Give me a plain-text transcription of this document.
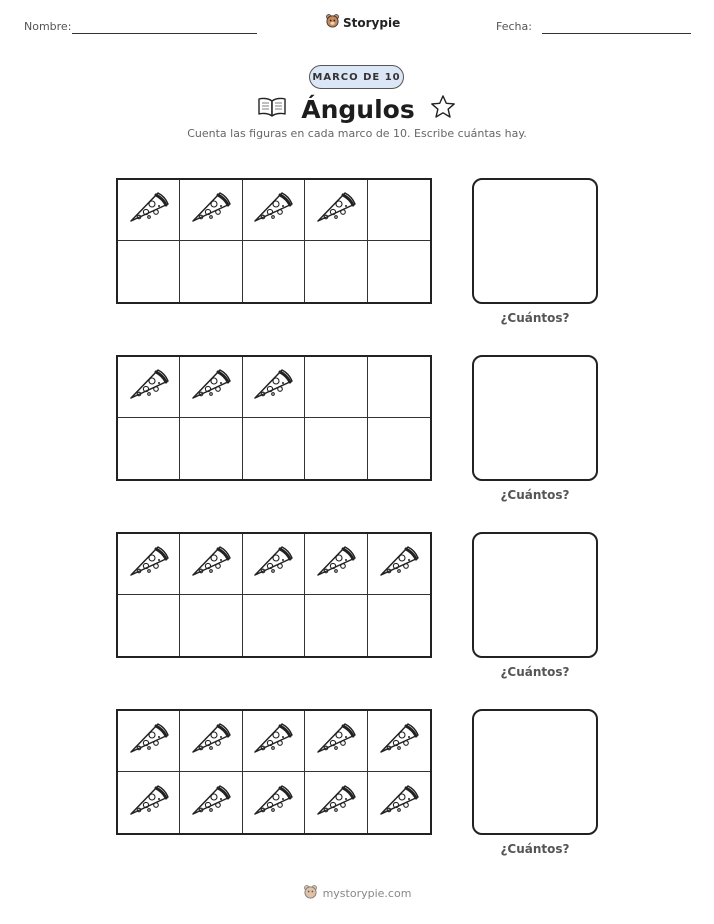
Nombre:	Storypie	Fecha:
MARCO DE 10
Ángulos
Cuenta las figuras en cada marco de 10. Escribe cuántas hay.
¿Cuántos?
¿Cuántos?
¿Cuántos?
¿Cuántos?
mystorypie.com
